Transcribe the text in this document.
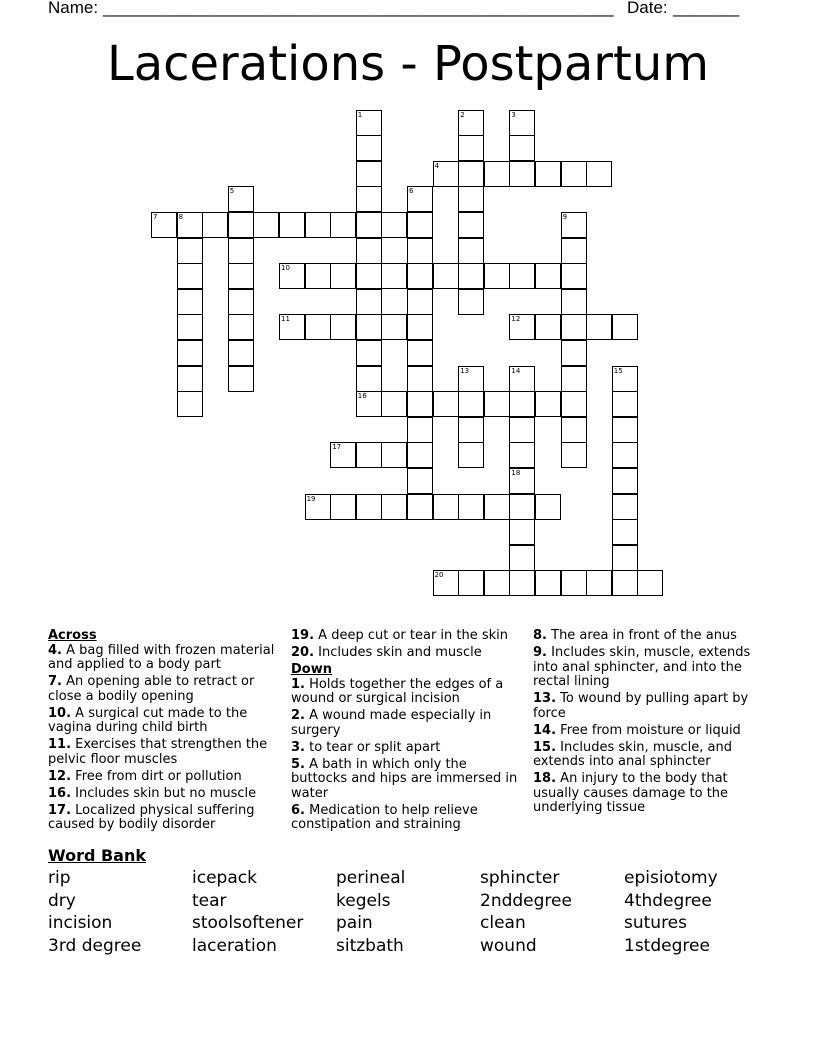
Name: ______________________________________________________ Date: _______
Lacerations - Postpartum
1
16
2	3
4
5	6
7	8	9
10
11	12
13	14	15
17
18
19
20
Across
4. A bag filled with frozen material and applied to a body part
7. An opening able to retract or close a bodily opening
10. A surgical cut made to the vagina during child birth
11. Exercises that strengthen the pelvic floor muscles
12. Free from dirt or pollution
16. Includes skin but no muscle
17. Localized physical suffering caused by bodily disorder
19. A deep cut or tear in the skin
20. Includes skin and muscle
Down
1. Holds together the edges of a wound or surgical incision
2. A wound made especially in surgery
3. to tear or split apart
5. A bath in which only the buttocks and hips are immersed in water
6. Medication to help relieve constipation and straining
8. The area in front of the anus
9. Includes skin, muscle, extends into anal sphincter, and into the rectal lining
13. To wound by pulling apart by force
14. Free from moisture or liquid
15. Includes skin, muscle, and extends into anal sphincter
18. An injury to the body that usually causes damage to the underlying tissue
Word Bank
rip
dry
incision
3rd degree
icepack
tear
stoolsoftener
laceration
perineal
kegels
pain
sitzbath
sphincter
2nddegree
clean
wound
episiotomy
4thdegree
sutures
1stdegree
